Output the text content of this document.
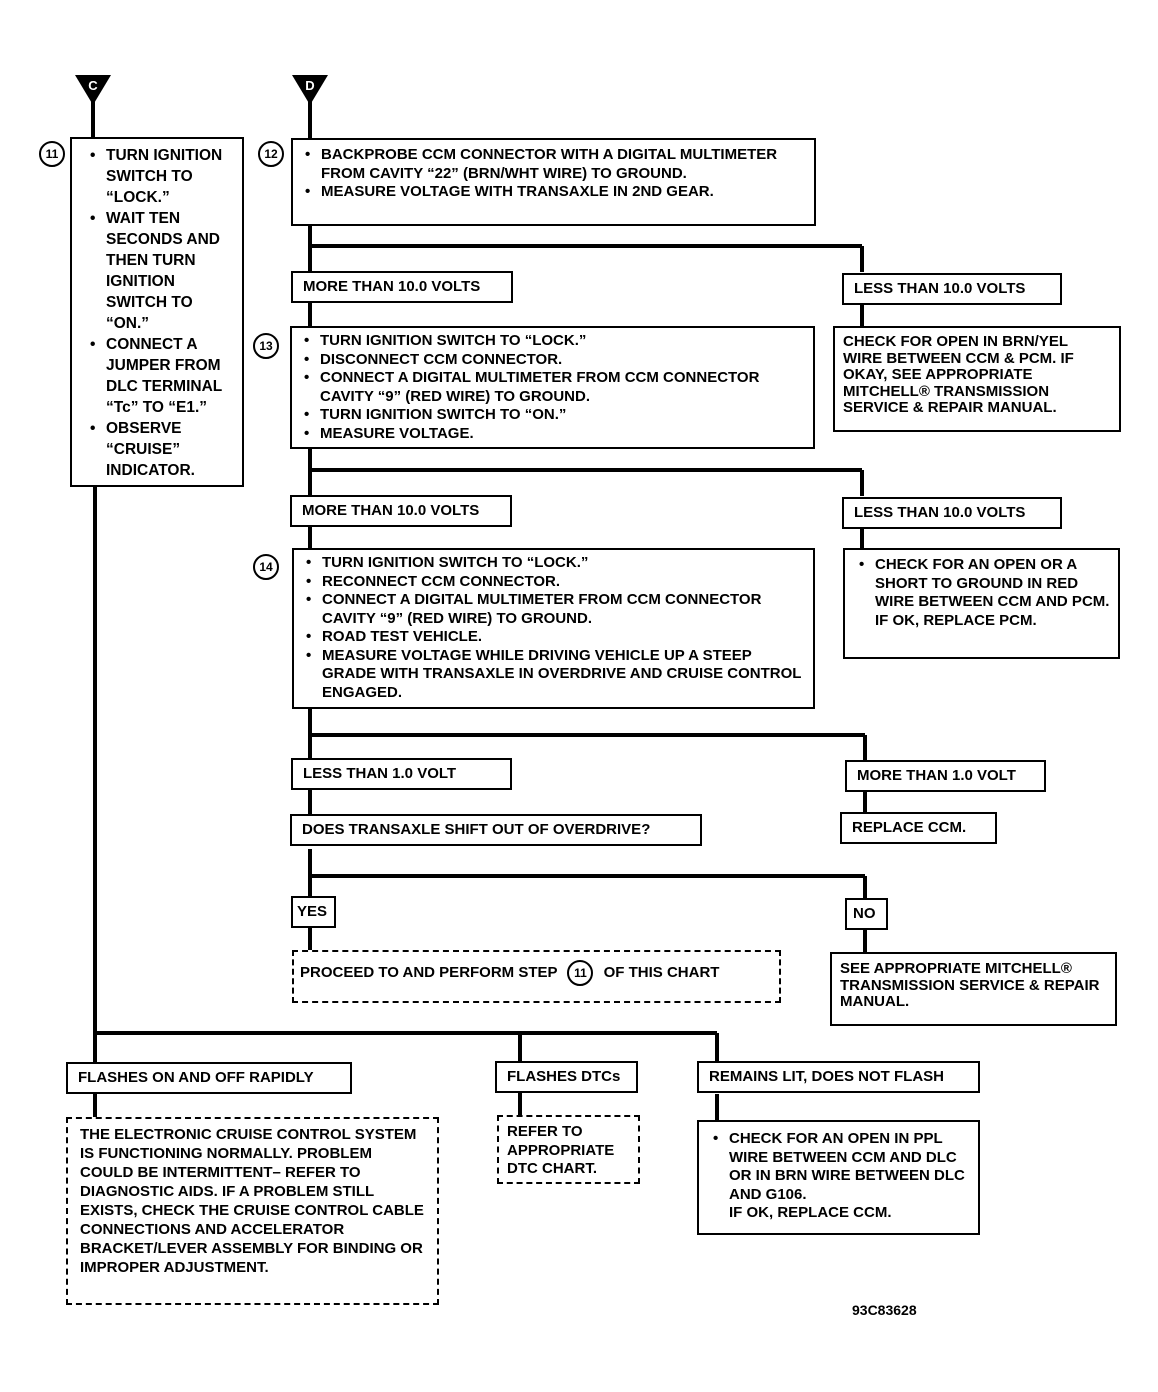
C	D
11	• TURN IGNITION SWITCH TO “LOCK.”
• WAIT TEN SECONDS AND THEN TURN IGNITION SWITCH TO “ON.”
• CONNECT A JUMPER FROM DLC TERMINAL “Tc” TO “E1.”
• OBSERVE “CRUISE” INDICATOR.
12	• BACKPROBE CCM CONNECTOR WITH A DIGITAL MULTIMETER FROM CAVITY “22” (BRN/WHT WIRE) TO GROUND.
• MEASURE VOLTAGE WITH TRANSAXLE IN 2ND GEAR.
MORE THAN 10.0 VOLTS	LESS THAN 10.0 VOLTS
13	• TURN IGNITION SWITCH TO “LOCK.”
• DISCONNECT CCM CONNECTOR.
• CONNECT A DIGITAL MULTIMETER FROM CCM CONNECTOR CAVITY “9” (RED WIRE) TO GROUND.
• TURN IGNITION SWITCH TO “ON.”
• MEASURE VOLTAGE.
CHECK FOR OPEN IN BRN/YEL WIRE BETWEEN CCM & PCM. IF OKAY, SEE APPROPRIATE MITCHELL® TRANSMISSION SERVICE & REPAIR MANUAL.
MORE THAN 10.0 VOLTS	LESS THAN 10.0 VOLTS
14	• TURN IGNITION SWITCH TO “LOCK.”
• RECONNECT CCM CONNECTOR.
• CONNECT A DIGITAL MULTIMETER FROM CCM CONNECTOR CAVITY “9” (RED WIRE) TO GROUND.
• ROAD TEST VEHICLE.
• MEASURE VOLTAGE WHILE DRIVING VEHICLE UP A STEEP GRADE WITH TRANSAXLE IN OVERDRIVE AND CRUISE CONTROL ENGAGED.
• CHECK FOR AN OPEN OR A SHORT TO GROUND IN RED WIRE BETWEEN CCM AND PCM.
IF OK, REPLACE PCM.
LESS THAN 1.0 VOLT	MORE THAN 1.0 VOLT
DOES TRANSAXLE SHIFT OUT OF OVERDRIVE?	REPLACE CCM.
YES	NO
PROCEED TO AND PERFORM STEP 11 OF THIS CHART	SEE APPROPRIATE MITCHELL® TRANSMISSION SERVICE & REPAIR MANUAL.
FLASHES ON AND OFF RAPIDLY	FLASHES DTCs	REMAINS LIT, DOES NOT FLASH
THE ELECTRONIC CRUISE CONTROL SYSTEM IS FUNCTIONING NORMALLY. PROBLEM COULD BE INTERMITTENT– REFER TO DIAGNOSTIC AIDS. IF A PROBLEM STILL EXISTS, CHECK THE CRUISE CONTROL CABLE CONNECTIONS AND ACCELERATOR BRACKET/LEVER ASSEMBLY FOR BINDING OR IMPROPER ADJUSTMENT.
REFER TO APPROPRIATE DTC CHART.
• CHECK FOR AN OPEN IN PPL WIRE BETWEEN CCM AND DLC OR IN BRN WIRE BETWEEN DLC AND G106.
IF OK, REPLACE CCM.
93C83628
